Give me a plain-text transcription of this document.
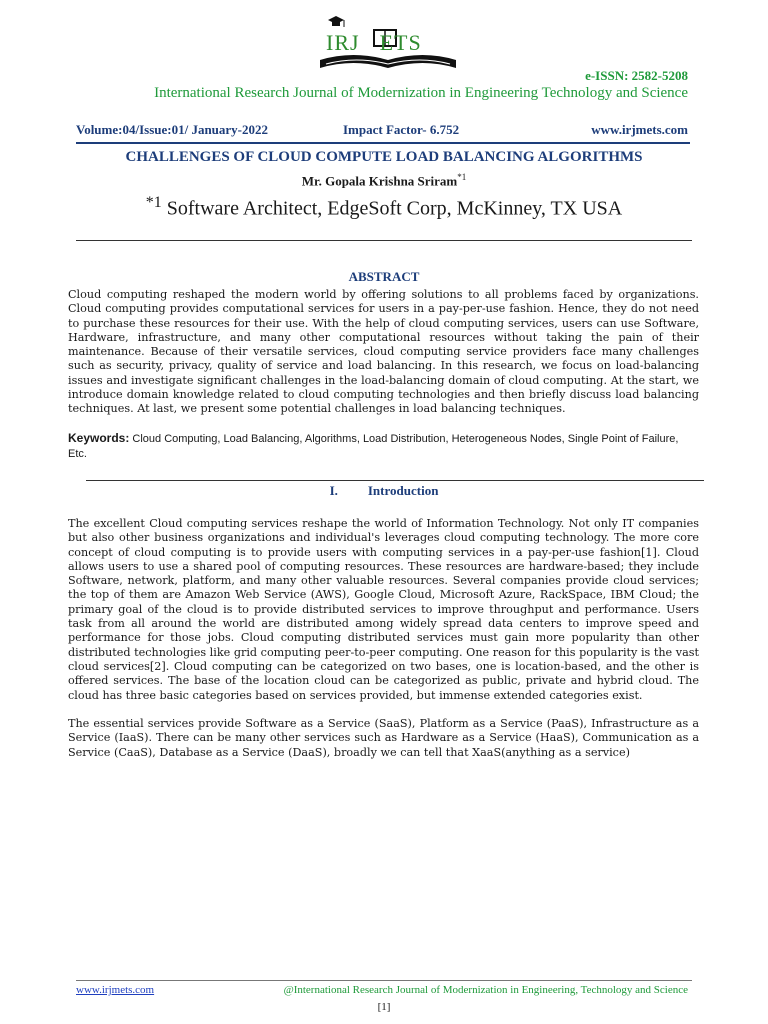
IRJ ETS
e-ISSN: 2582-5208
International Research Journal of Modernization in Engineering Technology and Science
Volume:04/Issue:01/ January-2022	Impact Factor- 6.752	www.irjmets.com
CHALLENGES OF CLOUD COMPUTE LOAD BALANCING ALGORITHMS
Mr. Gopala Krishna Sriram$^{*1}$
$^{*1}$ Software Architect, EdgeSoft Corp, McKinney, TX USA
ABSTRACT
Cloud computing reshaped the modern world by offering solutions to all problems faced by organizations. Cloud computing provides computational services for users in a pay-per-use fashion. Hence, they do not need to purchase these resources for their use. With the help of cloud computing services, users can use Software, Hardware, infrastructure, and many other computational resources without taking the pain of their maintenance. Because of their versatile services, cloud computing service providers face many challenges such as security, privacy, quality of service and load balancing. In this research, we focus on load-balancing issues and investigate significant challenges in the load-balancing domain of cloud computing. At the start, we introduce domain knowledge related to cloud computing technologies and then briefly discuss load balancing techniques. At last, we present some potential challenges in load balancing techniques.
Keywords: Cloud Computing, Load Balancing, Algorithms, Load Distribution, Heterogeneous Nodes, Single Point of Failure, Etc.
I. Introduction
The excellent Cloud computing services reshape the world of Information Technology. Not only IT companies but also other business organizations and individual's leverages cloud computing technology. The more core concept of cloud computing is to provide users with computing services in a pay-per-use fashion[1]. Cloud allows users to use a shared pool of computing resources. These resources are hardware-based; they include Software, network, platform, and many other valuable resources. Several companies provide cloud services; the top of them are Amazon Web Service (AWS), Google Cloud, Microsoft Azure, RackSpace, IBM Cloud; the primary goal of the cloud is to provide distributed services to improve throughput and performance. Users task from all around the world are distributed among widely spread data centers to improve speed and performance for those jobs. Cloud computing distributed services must gain more popularity than other distributed technologies like grid computing peer-to-peer computing. One reason for this popularity is the vast cloud services[2]. Cloud computing can be categorized on two bases, one is location-based, and the other is offered services. The base of the location cloud can be categorized as public, private and hybrid cloud. The cloud has three basic categories based on services provided, but immense extended categories exist.
The essential services provide Software as a Service (SaaS), Platform as a Service (PaaS), Infrastructure as a Service (IaaS). There can be many other services such as Hardware as a Service (HaaS), Communication as a Service (CaaS), Database as a Service (DaaS), broadly we can tell that XaaS(anything as a service)
www.irjmets.com	@International Research Journal of Modernization in Engineering, Technology and Science
[1]
